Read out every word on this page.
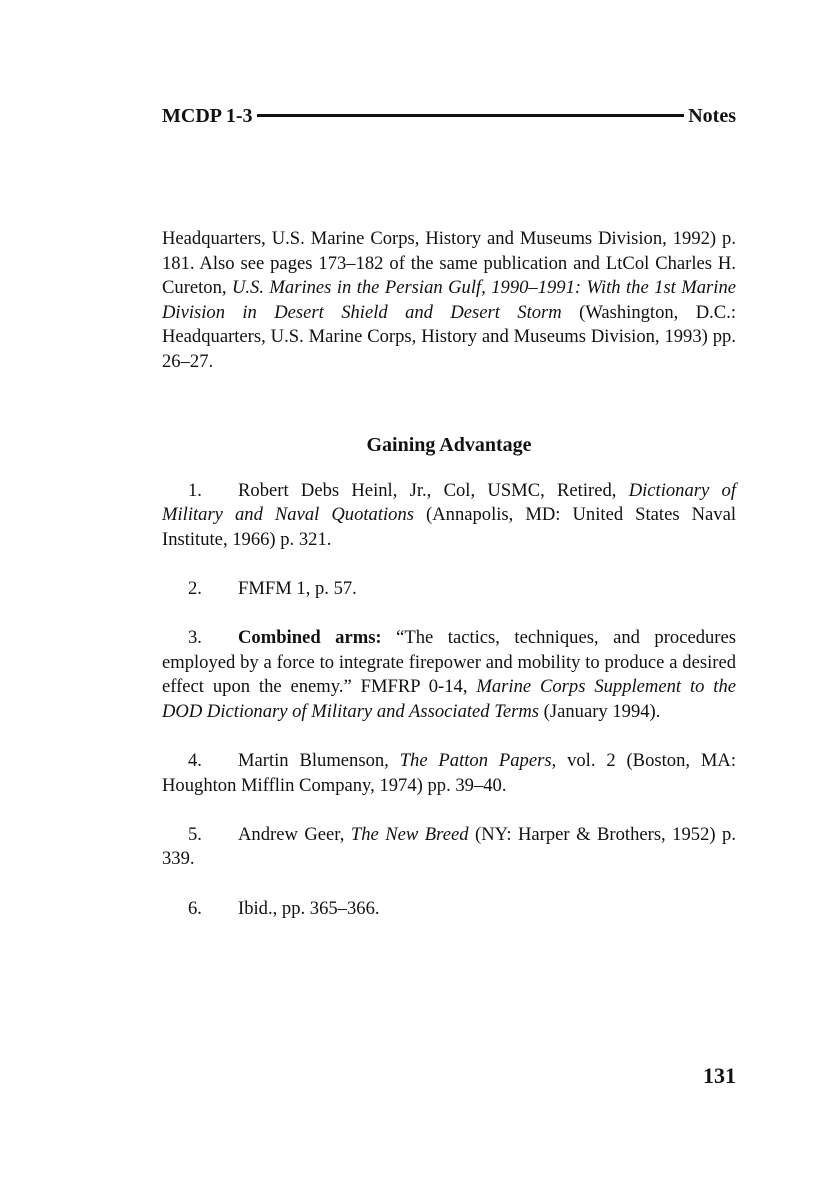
MCDP 1-3	Notes

Headquarters, U.S. Marine Corps, History and Museums Division, 1992) p. 181. Also see pages 173–182 of the same publication and LtCol Charles H. Cureton, U.S. Marines in the Persian Gulf, 1990–1991: With the 1st Marine Division in Desert Shield and Desert Storm (Washington, D.C.: Headquarters, U.S. Marine Corps, History and Museums Division, 1993) pp. 26–27.

Gaining Advantage

1. Robert Debs Heinl, Jr., Col, USMC, Retired, Dictionary of Military and Naval Quotations (Annapolis, MD: United States Naval Institute, 1966) p. 321.

2. FMFM 1, p. 57.

3. Combined arms: “The tactics, techniques, and procedures employed by a force to integrate firepower and mobility to produce a desired effect upon the enemy.” FMFRP 0-14, Marine Corps Supplement to the DOD Dictionary of Military and Associated Terms (January 1994).

4. Martin Blumenson, The Patton Papers, vol. 2 (Boston, MA: Houghton Mifflin Company, 1974) pp. 39–40.

5. Andrew Geer, The New Breed (NY: Harper & Brothers, 1952) p. 339.

6. Ibid., pp. 365–366.

131
